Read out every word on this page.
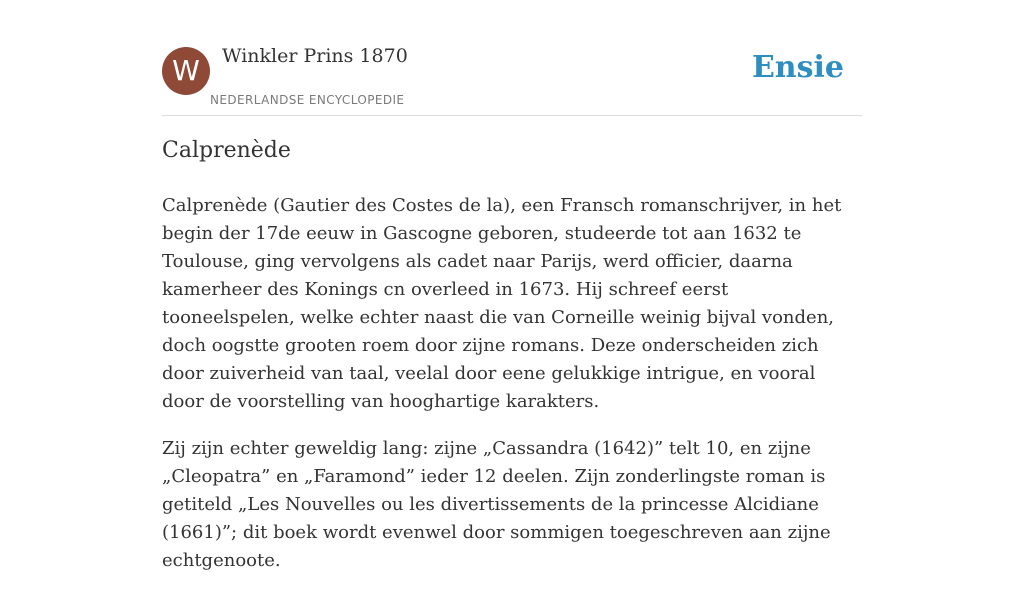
W	Winkler Prins 1870
NEDERLANDSE ENCYCLOPEDIE
Ensie
Calprenède

Calprenède (Gautier des Costes de la), een Fransch romanschrijver, in het begin der 17de eeuw in Gascogne geboren, studeerde tot aan 1632 te Toulouse, ging vervolgens als cadet naar Parijs, werd officier, daarna kamerheer des Konings cn overleed in 1673. Hij schreef eerst tooneelspelen, welke echter naast die van Corneille weinig bijval vonden, doch oogstte grooten roem door zijne romans. Deze onderscheiden zich door zuiverheid van taal, veelal door eene gelukkige intrigue, en vooral door de voorstelling van hooghartige karakters.

Zij zijn echter geweldig lang: zijne „Cassandra (1642)” telt 10, en zijne „Cleopatra” en „Faramond” ieder 12 deelen. Zijn zonderlingste roman is getiteld „Les Nouvelles ou les divertissements de la princesse Alcidiane (1661)”; dit boek wordt evenwel door sommigen toegeschreven aan zijne echtgenoote.
